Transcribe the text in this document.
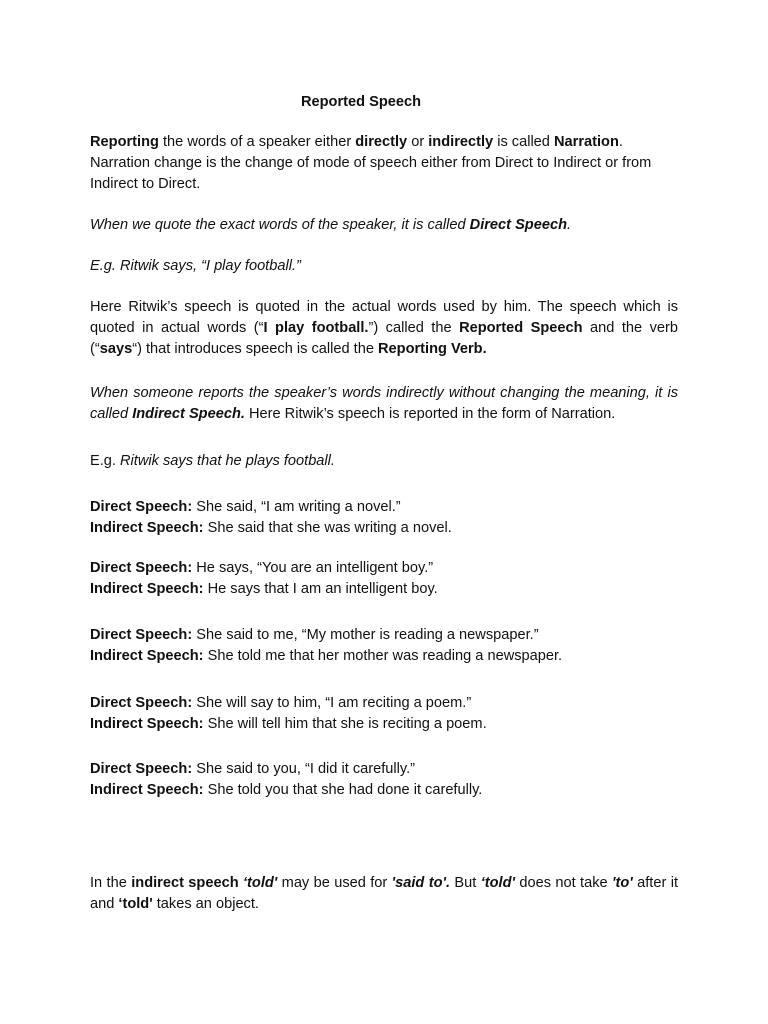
Reported Speech

Reporting the words of a speaker either directly or indirectly is called Narration. Narration change is the change of mode of speech either from Direct to Indirect or from Indirect to Direct.

When we quote the exact words of the speaker, it is called Direct Speech.

E.g. Ritwik says, “I play football.”

Here Ritwik’s speech is quoted in the actual words used by him. The speech which is quoted in actual words (“I play football.”) called the Reported Speech and the verb (“says“) that introduces speech is called the Reporting Verb.

When someone reports the speaker’s words indirectly without changing the meaning, it is called Indirect Speech. Here Ritwik’s speech is reported in the form of Narration.

E.g. Ritwik says that he plays football.

Direct Speech: She said, “I am writing a novel.”
Indirect Speech: She said that she was writing a novel.
Direct Speech: He says, “You are an intelligent boy.”
Indirect Speech: He says that I am an intelligent boy.
Direct Speech: She said to me, “My mother is reading a newspaper.”
Indirect Speech: She told me that her mother was reading a newspaper.
Direct Speech: She will say to him, “I am reciting a poem.”
Indirect Speech: She will tell him that she is reciting a poem.
Direct Speech: She said to you, “I did it carefully.”
Indirect Speech: She told you that she had done it carefully.

In the indirect speech ‘told' may be used for 'said to'. But ‘told' does not take 'to' after it and ‘told' takes an object.
